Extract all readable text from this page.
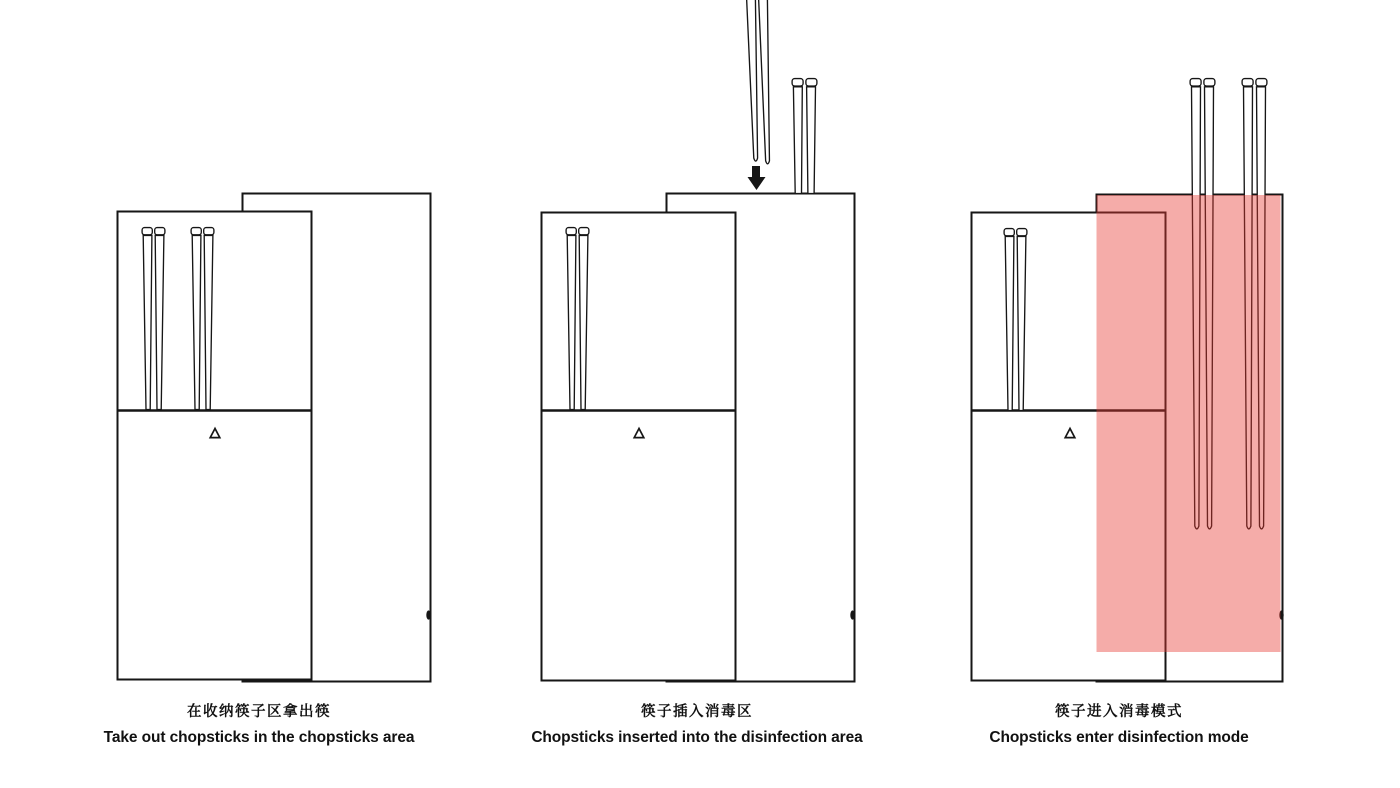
在收纳筷子区拿出筷
Take out chopsticks in the chopsticks area
筷子插入消毒区
Chopsticks inserted into the disinfection area
筷子进入消毒模式
Chopsticks enter disinfection mode
